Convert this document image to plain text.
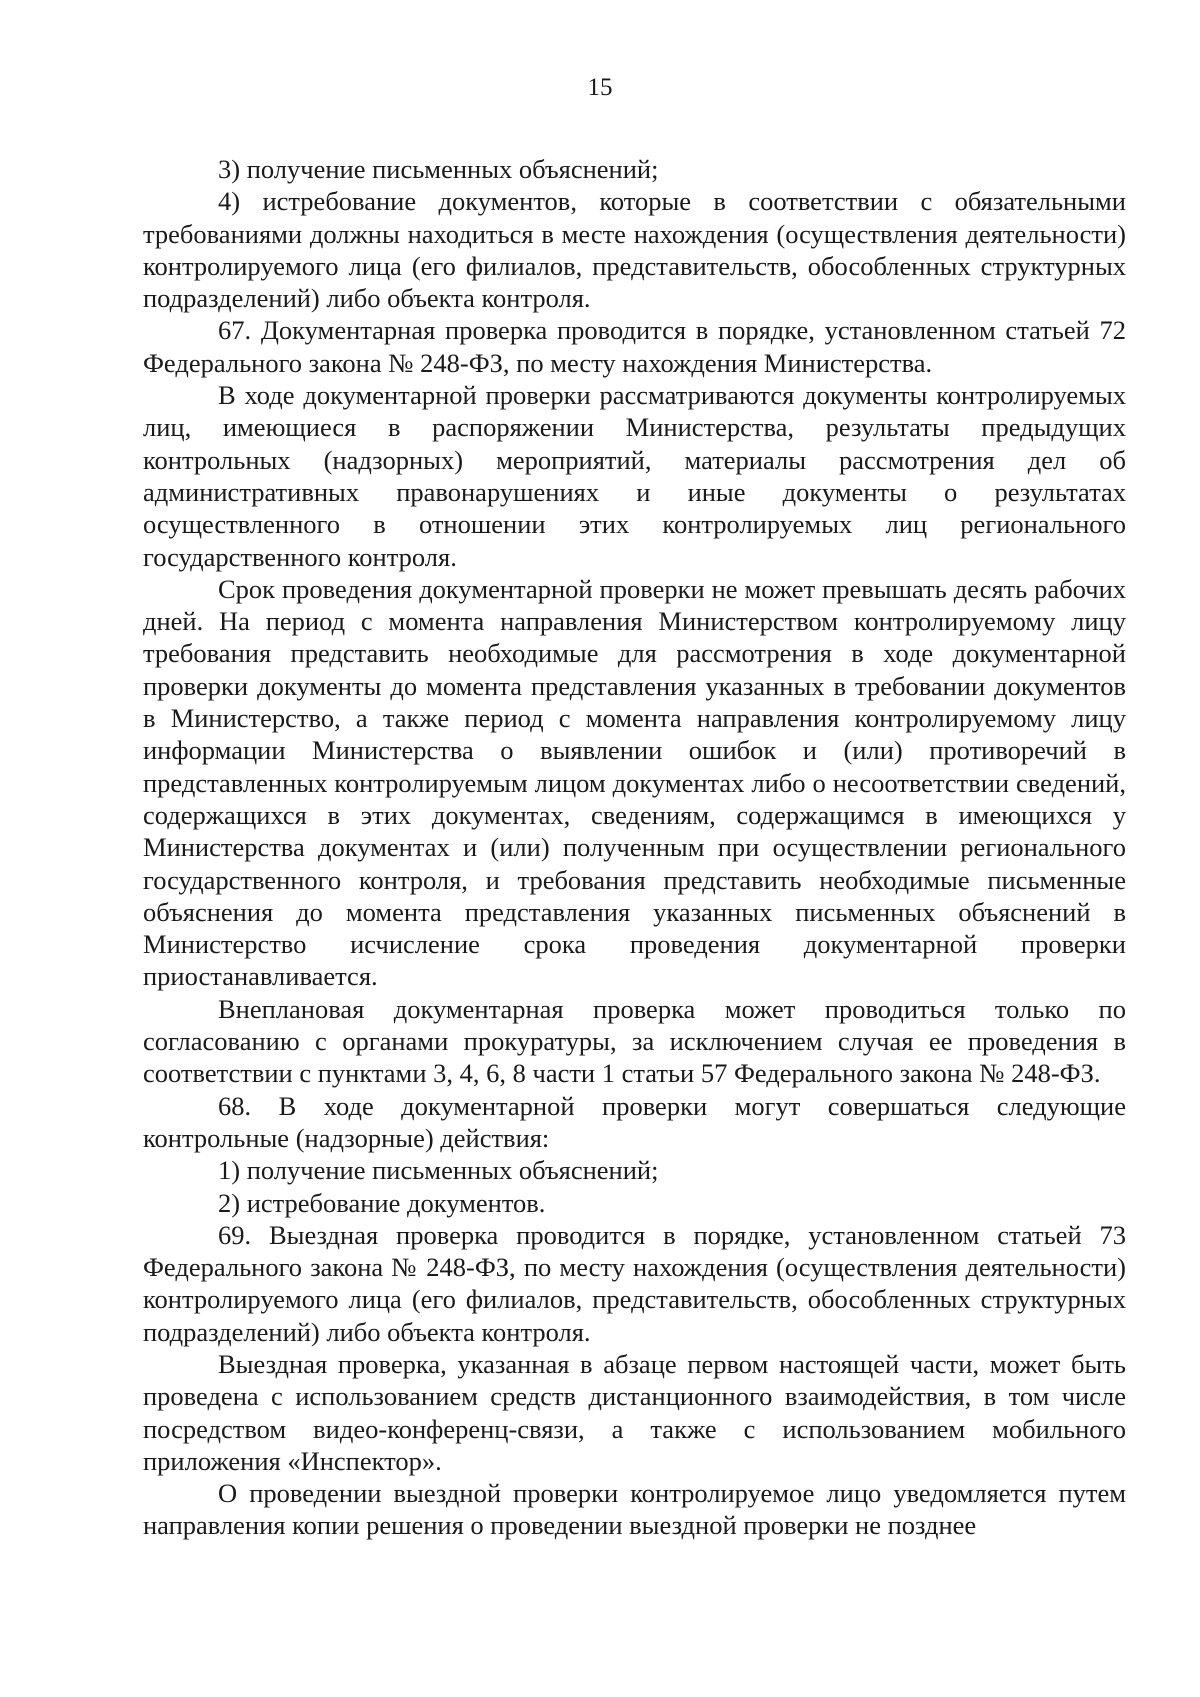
15

3) получение письменных объяснений;

4) истребование документов, которые в соответствии с обязательными требованиями должны находиться в месте нахождения (осуществления деятельности) контролируемого лица (его филиалов, представительств, обособленных структурных подразделений) либо объекта контроля.

67. Документарная проверка проводится в порядке, установленном статьей 72 Федерального закона № 248-ФЗ, по месту нахождения Министерства.

В ходе документарной проверки рассматриваются документы контролируемых лиц, имеющиеся в распоряжении Министерства, результаты предыдущих контрольных (надзорных) мероприятий, материалы рассмотрения дел об административных правонарушениях и иные документы о результатах осуществленного в отношении этих контролируемых лиц регионального государственного контроля.

Срок проведения документарной проверки не может превышать десять рабочих дней. На период с момента направления Министерством контролируемому лицу требования представить необходимые для рассмотрения в ходе документарной проверки документы до момента представления указанных в требовании документов в Министерство, а также период с момента направления контролируемому лицу информации Министерства о выявлении ошибок и (или) противоречий в представленных контролируемым лицом документах либо о несоответствии сведений, содержащихся в этих документах, сведениям, содержащимся в имеющихся у Министерства документах и (или) полученным при осуществлении регионального государственного контроля, и требования представить необходимые письменные объяснения до момента представления указанных письменных объяснений в Министерство исчисление срока проведения документарной проверки приостанавливается.

Внеплановая документарная проверка может проводиться только по согласованию с органами прокуратуры, за исключением случая ее проведения в соответствии с пунктами 3, 4, 6, 8 части 1 статьи 57 Федерального закона № 248-ФЗ.

68. В ходе документарной проверки могут совершаться следующие контрольные (надзорные) действия:

1) получение письменных объяснений;

2) истребование документов.

69. Выездная проверка проводится в порядке, установленном статьей 73 Федерального закона № 248-ФЗ, по месту нахождения (осуществления деятельности) контролируемого лица (его филиалов, представительств, обособленных структурных подразделений) либо объекта контроля.

Выездная проверка, указанная в абзаце первом настоящей части, может быть проведена с использованием средств дистанционного взаимодействия, в том числе посредством видео-конференц-связи, а также с использованием мобильного приложения «Инспектор».

О проведении выездной проверки контролируемое лицо уведомляется путем направления копии решения о проведении выездной проверки не позднее
